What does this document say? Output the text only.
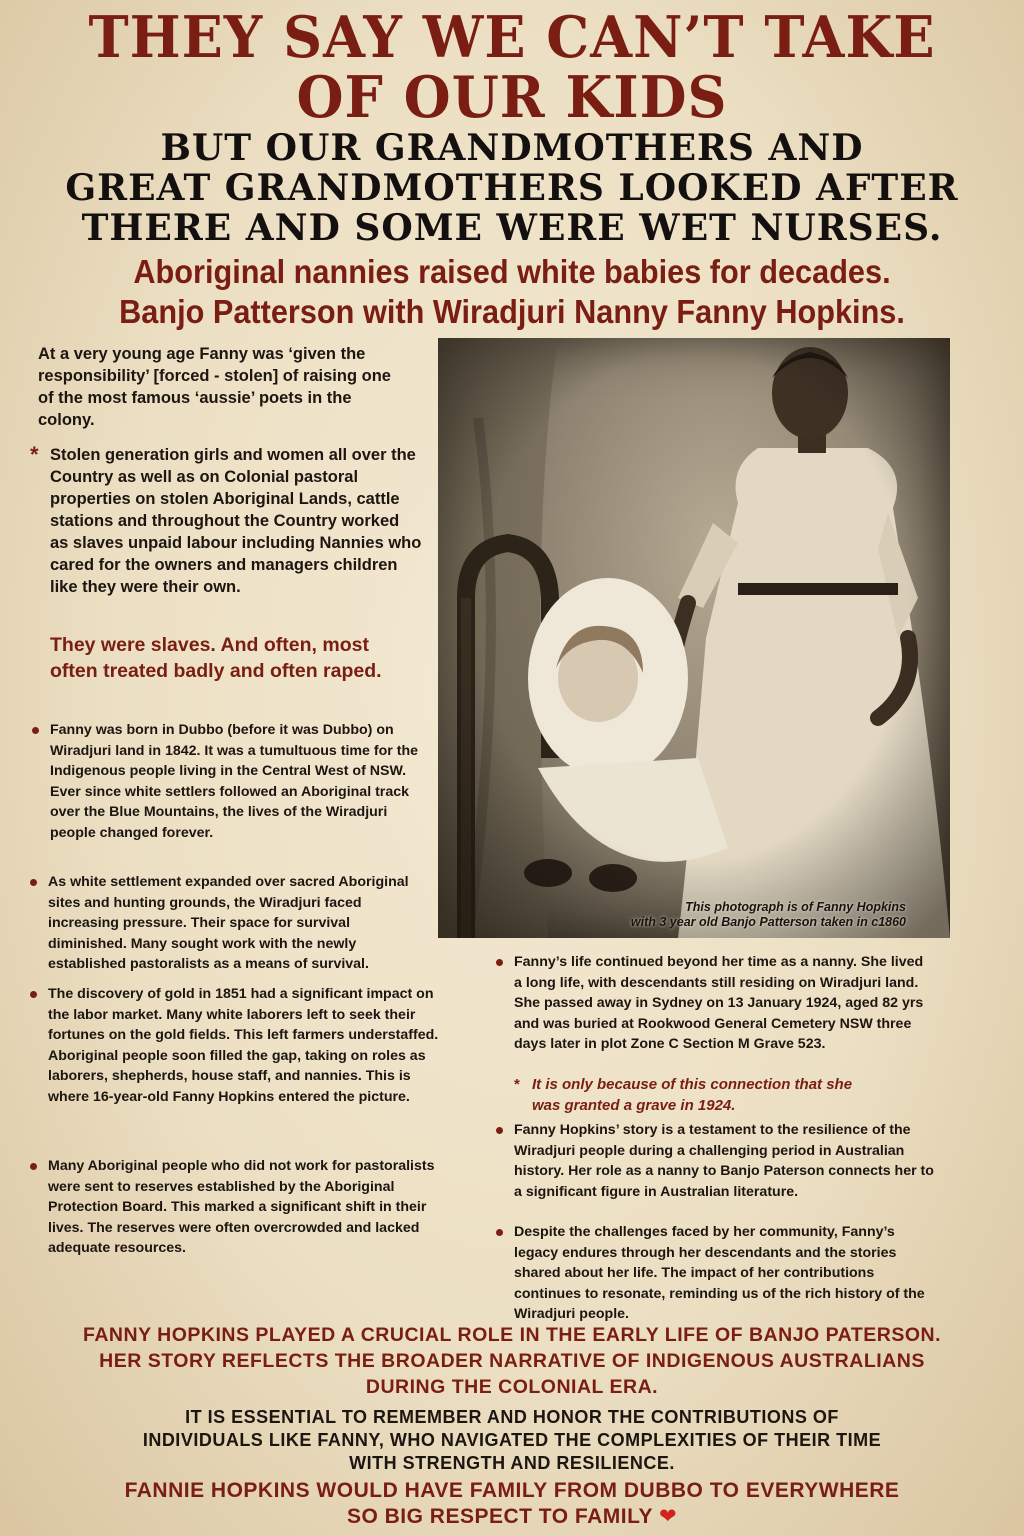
THEY SAY WE CAN’T TAKE
OF OUR KIDS
BUT OUR GRANDMOTHERS AND
GREAT GRANDMOTHERS LOOKED AFTER
THERE AND SOME WERE WET NURSES.
Aboriginal nannies raised white babies for decades.
Banjo Patterson with Wiradjuri Nanny Fanny Hopkins.
At a very young age Fanny was ‘given the responsibility’ [forced - stolen] of raising one of the most famous ‘aussie’ poets in the colony.
* Stolen generation girls and women all over the Country as well as on Colonial pastoral properties on stolen Aboriginal Lands, cattle stations and throughout the Country worked as slaves unpaid labour including Nannies who cared for the owners and managers children like they were their own.
They were slaves. And often, most often treated badly and often raped.
Fanny was born in Dubbo (before it was Dubbo) on Wiradjuri land in 1842. It was a tumultuous time for the Indigenous people living in the Central West of NSW. Ever since white settlers followed an Aboriginal track over the Blue Mountains, the lives of the Wiradjuri people changed forever.
As white settlement expanded over sacred Aboriginal sites and hunting grounds, the Wiradjuri faced increasing pressure. Their space for survival diminished. Many sought work with the newly established pastoralists as a means of survival.
The discovery of gold in 1851 had a significant impact on the labor market. Many white laborers left to seek their fortunes on the gold fields. This left farmers understaffed. Aboriginal people soon filled the gap, taking on roles as laborers, shepherds, house staff, and nannies. This is where 16-year-old Fanny Hopkins entered the picture.
Many Aboriginal people who did not work for pastoralists were sent to reserves established by the Aboriginal Protection Board. This marked a significant shift in their lives. The reserves were often overcrowded and lacked adequate resources.
This photograph is of Fanny Hopkins
with 3 year old Banjo Patterson taken in c1860
Fanny’s life continued beyond her time as a nanny. She lived a long life, with descendants still residing on Wiradjuri land. She passed away in Sydney on 13 January 1924, aged 82 yrs and was buried at Rookwood General Cemetery NSW three days later in plot Zone C Section M Grave 523.
* It is only because of this connection that she was granted a grave in 1924.
Fanny Hopkins’ story is a testament to the resilience of the Wiradjuri people during a challenging period in Australian history. Her role as a nanny to Banjo Paterson connects her to a significant figure in Australian literature.
Despite the challenges faced by her community, Fanny’s legacy endures through her descendants and the stories shared about her life. The impact of her contributions continues to resonate, reminding us of the rich history of the Wiradjuri people.
FANNY HOPKINS PLAYED A CRUCIAL ROLE IN THE EARLY LIFE OF BANJO PATERSON.
HER STORY REFLECTS THE BROADER NARRATIVE OF INDIGENOUS AUSTRALIANS
DURING THE COLONIAL ERA.
IT IS ESSENTIAL TO REMEMBER AND HONOR THE CONTRIBUTIONS OF
INDIVIDUALS LIKE FANNY, WHO NAVIGATED THE COMPLEXITIES OF THEIR TIME
WITH STRENGTH AND RESILIENCE.
FANNIE HOPKINS WOULD HAVE FAMILY FROM DUBBO TO EVERYWHERE
SO BIG RESPECT TO FAMILY ❤
